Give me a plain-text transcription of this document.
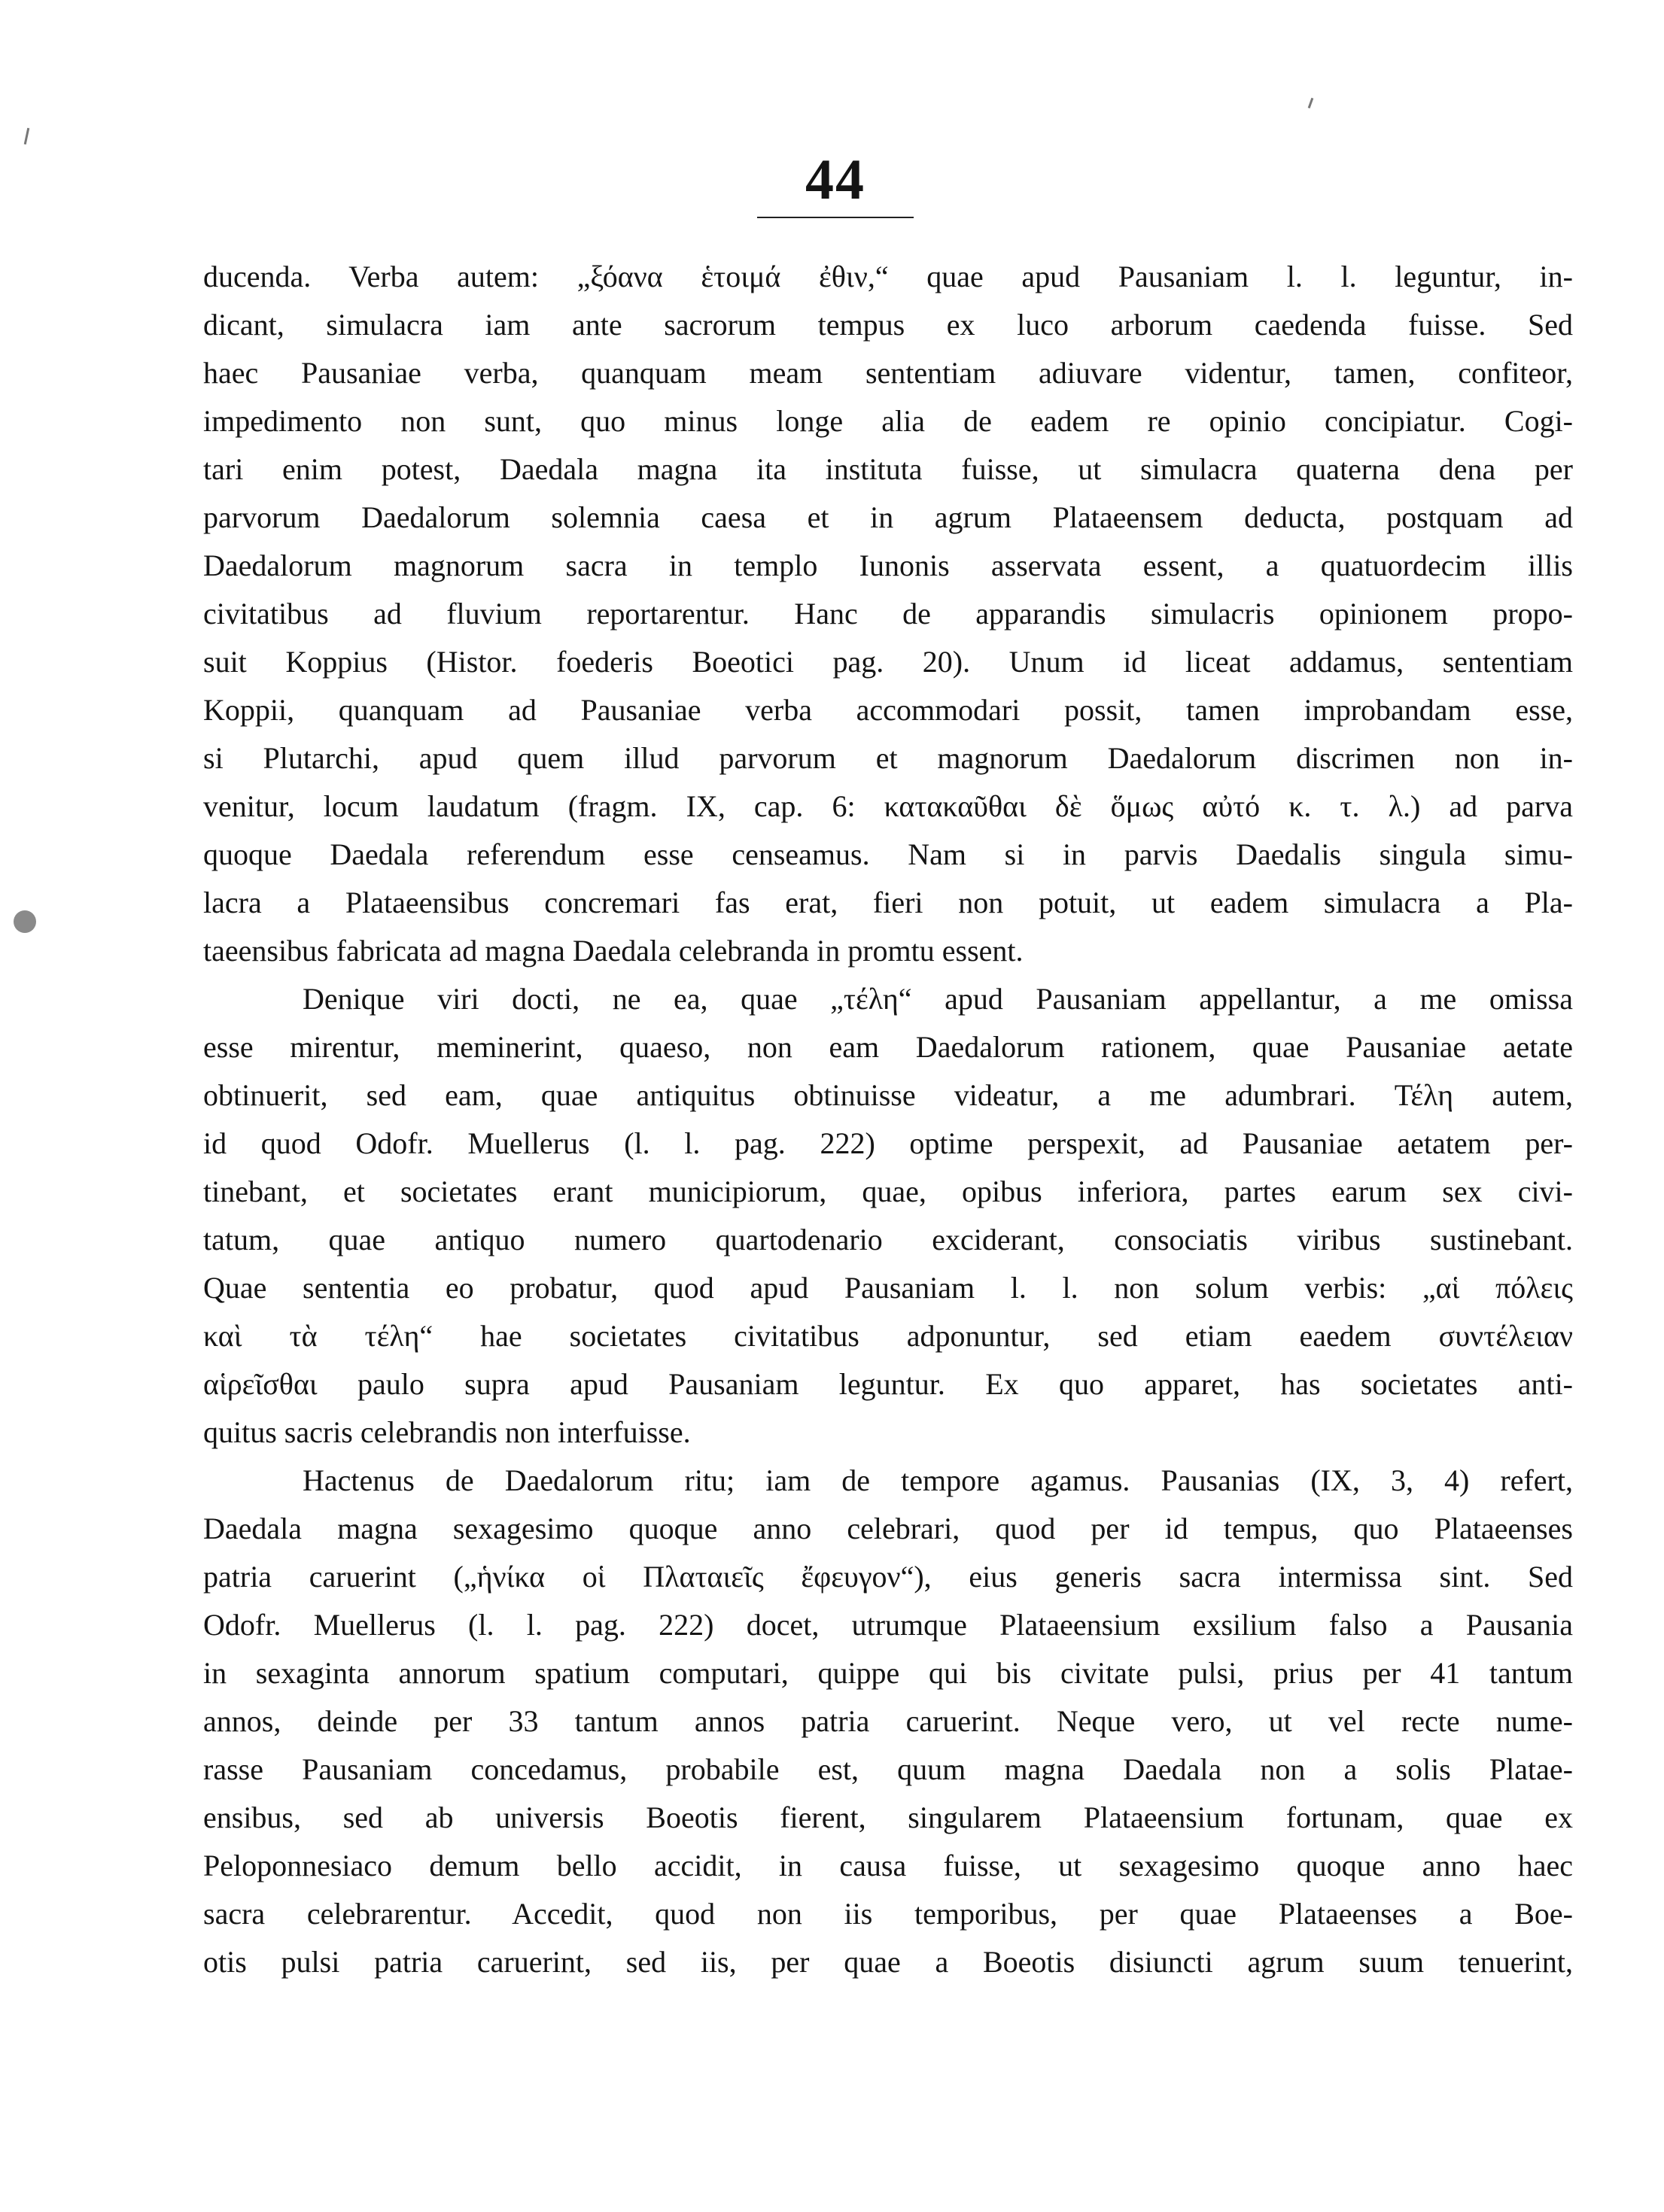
44
ducenda. Verba autem: „ξόανα ἑτοιμά ἐθιν,“ quae apud Pausaniam l. l. leguntur, in-
dicant, simulacra iam ante sacrorum tempus ex luco arborum caedenda fuisse. Sed
haec Pausaniae verba, quanquam meam sententiam adiuvare videntur, tamen, confiteor,
impedimento non sunt, quo minus longe alia de eadem re opinio concipiatur. Cogi-
tari enim potest, Daedala magna ita instituta fuisse, ut simulacra quaterna dena per
parvorum Daedalorum solemnia caesa et in agrum Plataeensem deducta, postquam ad
Daedalorum magnorum sacra in templo Iunonis asservata essent, a quatuordecim illis
civitatibus ad fluvium reportarentur. Hanc de apparandis simulacris opinionem propo-
suit Koppius (Histor. foederis Boeotici pag. 20). Unum id liceat addamus, sententiam
Koppii, quanquam ad Pausaniae verba accommodari possit, tamen improbandam esse,
si Plutarchi, apud quem illud parvorum et magnorum Daedalorum discrimen non in-
venitur, locum laudatum (fragm. IX, cap. 6: κατακαῦθαι δὲ ὅμως αὐτό κ. τ. λ.) ad parva
quoque Daedala referendum esse censeamus. Nam si in parvis Daedalis singula simu-
lacra a Plataeensibus concremari fas erat, fieri non potuit, ut eadem simulacra a Pla-
taeensibus fabricata ad magna Daedala celebranda in promtu essent.
Denique viri docti, ne ea, quae „τέλη“ apud Pausaniam appellantur, a me omissa
esse mirentur, meminerint, quaeso, non eam Daedalorum rationem, quae Pausaniae aetate
obtinuerit, sed eam, quae antiquitus obtinuisse videatur, a me adumbrari. Τέλη autem,
id quod Odofr. Muellerus (l. l. pag. 222) optime perspexit, ad Pausaniae aetatem per-
tinebant, et societates erant municipiorum, quae, opibus inferiora, partes earum sex civi-
tatum, quae antiquo numero quartodenario exciderant, consociatis viribus sustinebant.
Quae sententia eo probatur, quod apud Pausaniam l. l. non solum verbis: „αἱ πόλεις
καὶ τὰ τέλη“ hae societates civitatibus adponuntur, sed etiam eaedem συντέλειαν
αἱρεῖσθαι paulo supra apud Pausaniam leguntur. Ex quo apparet, has societates anti-
quitus sacris celebrandis non interfuisse.
Hactenus de Daedalorum ritu; iam de tempore agamus. Pausanias (IX, 3, 4) refert,
Daedala magna sexagesimo quoque anno celebrari, quod per id tempus, quo Plataeenses
patria caruerint („ἡνίκα οἱ Πλαταιεῖς ἔφευγον“), eius generis sacra intermissa sint. Sed
Odofr. Muellerus (l. l. pag. 222) docet, utrumque Plataeensium exsilium falso a Pausania
in sexaginta annorum spatium computari, quippe qui bis civitate pulsi, prius per 41 tantum
annos, deinde per 33 tantum annos patria caruerint. Neque vero, ut vel recte nume-
rasse Pausaniam concedamus, probabile est, quum magna Daedala non a solis Platae-
ensibus, sed ab universis Boeotis fierent, singularem Plataeensium fortunam, quae ex
Peloponnesiaco demum bello accidit, in causa fuisse, ut sexagesimo quoque anno haec
sacra celebrarentur. Accedit, quod non iis temporibus, per quae Plataeenses a Boe-
otis pulsi patria caruerint, sed iis, per quae a Boeotis disiuncti agrum suum tenuerint,
